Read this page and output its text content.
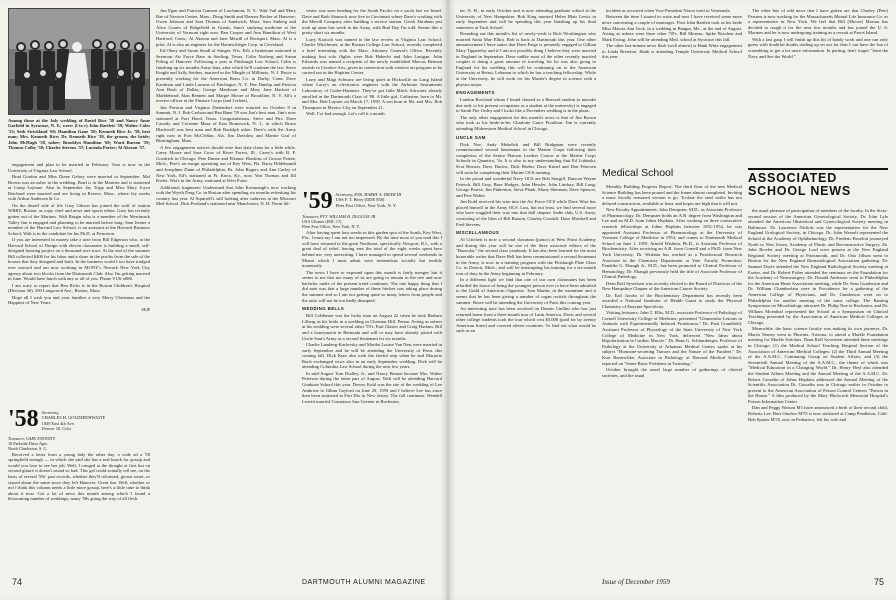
Among those at the July wedding of David Rice '58 and Nancy Anne Garfield in Syracuse, N. Y., were: (l to r) John Bartlett '59; Walter Coles '55; Seth Strickland '60; Hamilton Gane '50; Kenneth Rice Jr. '58, best man; Mrs. Kenneth Rice; Dr. Kenneth Rice '39, the groom; the bride; John McHugh '58, usher; Brooklyn Hamilton '60; Ward Burton '59; Thomas Colby '58; Charles Stevens '57; Lucinda Porter; Al Akeson '57.

engagement and plan to be married in February. Tom is now in the University of Virginia Law School.

Brad Gordon and Miss Diane Gelsey were married in September. Mal Brown was an usher in the wedding. Brad is in the Marines and is stationed at Camp Lejeune. Also in September Jay Tripp and Miss Mary Joyce Reichard were married and are living in Revere, Mass., where Jay works with Arthur Andersen & Co.

On the distaff side of life Gary Gibson has joined the staff of station WBRY, Boston, as copy chief and news and sports editor. Gary has recently gotten out of the Marines. Walt Burgin who is a member of the Merrimack Valley Inn is engaged and planning to be married before long. Sam Jenner a member of the Harvard Law School, is an assistant at the Harvard Business School; Walt is in the candidate for his Ph.D. at Princeton.

If you are interested in money take a note from Bill Edgerton who, at the Harvard School of Design with eleven classmates is building a small, self-designed housing project on a thousand-acre tract. At the end of the summer Bill collected $400 for his labor and a share in the profits from the sale of the houses that they designed and built. In the business world I too have trudged ever onward and am now working in MONY's Newark New York City agency about two blocks from the Dartmouth Club. Also I'm getting married in June. Would have lunch with any or all of you. Phone YU6-o880.

I am sorry to report that Ben Ricks is in the Boston Children's Hospital (Division 36), 300 Longwood Ave., Boston, Mass.

Hope all I wish you and your families a very Merry Christmas and the Happiest of New Years.

SKIP

'58 Secretary,
CHARLES H. GOLDERTHWAITE
1849 East 4th Ave.
Denver 18, Colo.
Treasurer, GARY ENVENTY
10 Parkside Drive Apts.
North Charleston, S. C.

Received a letter from a young lady the other day, a wide ad a '58 springfield enough — in which she said she has a real knack for gossip and would you love to see her job. Well, I cringed at the thought at first but on second glance it doesn't sound so bad. This gal could actually tell me, on the basis of several '58s' past records, whether they'll reformed, grown wiser, or stayed about the same since they left Hanover. Great fun. Well, whether or not I think this column needs a little more gossip, here's a little time to think about it now. Got a lot of news this month among which I found a blossoming number of weddings; many '58s going the way of all flesh.

Jim Egan and Patricia Gannon of Larchmont, N. Y.; Walt Vail and Mary Rae of Newton Center, Mass.; Doug Smith and Eleanor Becker of Hanover; Owen Johnson and Sara Thomas of Sandwich, Mass. Sam Sinberg and Alice Coates of Ridgefield in Giants, Sam's studying medicine at the University of Vermont right now. Ben Cooper and Ann Hamilton of West Hartford, Conn.; Al Akeson and Jane Merrill of Rockport, Mass. Al is a pilot; Al is also an engineer for the Harnischfeger Corp. in Cleveland.

Ed Olney and Susan Small of Stinger, Wis. Ed's a lieutenant stationed at Seymour Air Force Base in Sterling, Texas. Colin Norberg and Susan Poling of Hanover. Following a year at Pittsburgh Law School, Colin is finishing up six months Army duty, after which he'll continue the law. Steve Knight and Sally Seiders, married in the Mingle of Millinois, N. J. Bruce is presently working for the American Brass Co. in Darby, Conn. Dave Kaufman and Linda Lazarus of Patchogue, N. Y. Dee Dunlop and Patricia Ann Bush of Dallas; George Mardsson and Mary Jane Hackett of Marblehead; Alan Bennett and Margie Moore of Brookline, N. Y. All's a receive officer in the Finance Corps (and I relent).

Jim Preston and Virginia Dietendorf were married on October 9 in Summit, N. J. Bob Carlson and Bea Bane '59 was Jim's best man. Jim's now stationed at Fort Hood, Texas. Congratulations. Steve and Ptrs. Dave Cassidy and Corrinne Masa of East Brunswick, N. J., in which Bruce Blackwell was best man and Bob Rudolph usher. Dave's with the Army right now in Fort McClellan, Ala. Jim Davidow and Marnie Graf of Birmingham, Mass.

A few engagement notices should wise that slate clean for a little while. Carey Moore and Sara Crow of River Forest, Ill., Carey's with B. F. Goodrich in Chicago. Pete Dunne and Eleanor Hawkins of Grosse Pointe, Mich., Pete's an ensign operating out of Key West, Fla. Barry Hildebrandt and Josephine Dunn of Philadelphia, Pa. John Rogers and Ann Carley of New York, Ed's stationed at Ft. Knox, Ky., now. Wat Thomas and Jill Kiefer. Wat's in the Army, stationed at West Point.

Additional fragments: Understand that John Kavanaugh's now working with the Wyeth Drug Co. in Boston after spending six months refreshing his country last year. Al Squirrell's still looking after cadavers at the Missouri Med School. Dick Portland's stationed near Manchester, N. H. Norm Sil-

vester was seen heading for the South Pacific on a yacht last we heard. Dave and Barb Sharrock now live in Cincinnati where Dave's working with the Merrill Company after building a service station. Gersh Abraham just took up arms last week in the Army, with Bud Day I'm told. Seems like a pretty short six months.

Larry Kratoch was named to the law review at Virginia Law School. Charlie Winchester, at the Boston College Law School, recently completed a brief internship with the Mass. Attorney General's Office. Recently making first solo flights were Bob Habecht and John Lanigan. John Edwards was named a recipient of the newly established Marcus Heiman awards in Creative Arts, given in connection with creative art program to be carried out in the Hopkins Center.

Larry and Magi Schwarz are living quiet at Hicksville on Long Island where Larry's an electronics engineer with the Airborne Instruments Laboratory of Cutler-Hammer. They've got little Mitch Schwartz already enrolled in the Dartmouth Class of '80. A little girl, Catherine, born to Mr. and Mrs. Bob Luyster on March 17, 1959. A son born to Mr. and Mrs. Bob Thompson in Mexico City on September 21.

Well, I've had enough. Let's call it a month.

'59 Secretary, ENS. HARRY A. DRAW III
USS F. T. Berry (DDE 858)
Fleet Post Office, New York, N. Y.
Treasurer, PVT. WILLIAM H. DUGGAN JR.
USA Ultimes (IMC 17)
Fleet Post Office, New York, N. Y.

After having spent four weeks in this garden spot of the South, Key West, Fla., I must say I am not too impressed. By the time most of you read this I will have returned to the great Northeast, specifically Newport, R.I., with a great deal of relief, having sent the total of the eight weeks spent here behind me, very unexciting. I have managed to spend several weekends in Miami which I must admit were tremendous socially but terrible monetarily.

The news I have to expound upon this month is fairly meager, but it seems to me that not many of us are going to remain in the tree and now bachelor ranks of the present trend continues. The one happy thing that I did note was that a large number of these hitches was taking place during the summer and so I am not getting quite so many letters from people and the ratio will not be too badly disrupted.

WEDDING BELLS

Bill Coldbeare was the lucky man on August 22 when he took Barbara Lilberg as his bride in a wedding in Chestnut Hill, Penna. Acting as ushers at his wedding were several other '59's: Earl Glasier and Craig Haslam. Bill and a honeymoon in Bermuda and will or may have already joined with Uncle Sam's Army as a second lieutenant for six months.

Charlie Lamberg-Karlovsky and Martha Louise Van Nest were married in early September and he will be attending the University of Penn. this coming fall. Dick Kent also took the fateful step when he and Marjorie Ruch exchanged vows also in an early September wedding. Dick will be attending Columbia Law School during the next few years.

In mid-August Tom Dudley, Jr., and Nancy Bruton became Mrs. Walter Peterson during the latter part of August. Walt will be attending Harvard Graduate School this year. Dewey Kohl was the site of the wedding of Lee Ambrose to Jillian Gaylord on June 20, 1959 and I believe Lee has since then been stationed at Fort Dix in New Jersey. The fall continues. Wendell Leavitt married Constance Ann Grenier in Rochester,

74	DARTMOUTH ALUMNI MAGAZINE

ter, N. H., in early October and is now attending graduate school at the University of New Hampshire. Rob King married Helen Blair Lewis in early September and will be spending this year finishing up his final semesters at Tuck School.

Rounding out this month's list of newly-weds is Rich Worthington who married Anita Mae Elliot. Rob is back at Dartmouth this year. One other announcement I have states that Dave Paige is presently engaged to Gillian Mary Tipperelsy and if I am not possibly thing I believe they were married in England in September. Dave unlike most of the other recently married couples is doing a great amount of traveling for he was also going to England for his wedding this will be continuing on to the American University at Beirut, Lebanon to which he has a teaching fellowship. While at the University, he will work for his Master's degree in science with a physics major.

ENGAGEMENTS

Landon Rowland whom I found classed as a Harvard student (a mistake due only to his present occupation as a student at the university) is engaged to Sarah Fite Ortley and I looks like a December wedding is in the plans.

The only other engagement for this month's news is that of Jim Brown who took as his bride-to-be, Charlotte Grace Proulbon. Jim is currently attending Midwestern Medical School in Chicago.

UNCLE SAM

Dick Noe, Andy Mehelick and Bill Bridgman were recently commissioned second lieutenants in the Marine Corps following their completion of the Senior Platoon Leaders Course at the Marine Corps Schools in Quantico, Va. It is also to my understanding that Ed Lubinski, Scot Bosson, Dave Duclos, Dick Hoehn, Dave Kimel and Don Petersen will soon be completing their Marine OCS training.

In the proud and wonderful Navy OCS are Bob Sturgill, Duncan Wayne Fetesch, Bill Gray, Brue Hodges, John Hessler, John Lindsay, Bill Long, George Pearse, Jim Pinkerton, Steve Plank, Marty Sherman, Dave Spencer, and Pete Walter.

Jim Kohl received his wire into the Air Force OCS while Dave Wise has placed himself in the Army OCS. Last, but not least, we find several more who have waggled their way into that dull chapter: Sadie club, U.S. Army, consisting of the likes of Bill Basson, Charley Goodall, Dave Marshall and Fred Stevens.

MISCELLANEOUS

Al Critchett is now a second classman (junior) at West Point Academy and during this year will be one of the three associate editors of the "Bazooka," the second class yearbook. It has also been learned for the most honorable writer that Dave Bell has been commissioned a second lieutenant in the Army, is now in a training program with the Pittsburgh Plate Glass Co. in Detroit, Mich., and will be interrupting his training for a six-month tour of duty in the Army beginning in February.

In a different light we find that one of our own classmates has been afforded the honor of being the youngest person ever to have been admitted to the Guild of American Organists. Tom Martin, in the meantime and it seems that he has been giving a number of organ recitals throughout the summer. Bruce will be attending the University of Paris this coming year.

An interesting note has been received on Dennis Ciullini who has just returned home from a three-month tour of Latin America, Davis and several other college students took the tour which cost $3,000 (paid for by twenty American firms) and covered eleven countries. To find out what would be such as an

incident as occurred when Vice-President Nixon went to Venezuela.

Between the time I started to write and now I have received some more news concerning a couple of marriages. First John Bartlett took as his bride Miss Marcia Ann Tuck, in a wedding in Bangor, Me., at the end of August. Acting as ushers were three other '59's, Bill Moreau, Spike Boschen and Mark Ewing. John will be attending Med. school at Syracuse this fall.

The other last-minute news flash (well almost) is Hank Witte engagement to Linda Brereton. Hank is attending Temple University Medical School this year.

Medical School

Monthly Building Progress Report: The third floor of the new Medical Science Building has been poured and the frame almost completed. Inviting a more fiscally reasoned version is go. To-date the steel strike has not delayed construction, available at least, and hopes are high that it will not.

New Faculty Appointments: John Dempster, M.D., as Associate Professor of Pharmacology. Dr. Dempster holds an A.B. degree from Washington and Lee and an M.D. from Johns Hopkins. After working on three consecutive research fellowships at Johns Hopkins between 1951-1954, he was appointed Assistant Professor of Pharmacology at the University of Vermont College of Medicine in 1954, and comes to Dartmouth Medical School on June 1, 1959. Arnold Wishnia, Ph.D., is Assistant Professor of Biochemistry. After receiving an A.B. from Cornell and a Ph.D. from New York University, Dr. Wishnia has worked as a Postdoctoral Research Associate in the Chemistry Department at Yale. Faculty Promotion: Franklin G. Ebaugh Jr., M.D., has been promoted to Clinical Professor of Hematology. Dr. Ebaugh previously held the title of Associate Professor of Clinical Pathology.

Dean Rolf Syvertsen was recently elected to the Board of Directors of the New Hampshire Chapter of the American Cancer Society.

Dr. Earl Jacobs of the Biochemistry Department has recently been awarded a National Institutes of Health Grant to study the Physical Chemistry of Enzyme Specificity.

Visiting lecturers: John T. Ellis, M.D., associate Professor of Pathology of Cornell University College of Medicine, presented "Glomerular Lesions in Animals with Experimentally Induced Proteinuria." Dr. Paul Crandfield, Assistant Professor of Physiology of the State University of New York College of Medicine in New York, delivered "New Ideas about Repolarization in Cardiac Muscle." Dr. Hans G. Schlumberger, Professor of Pathology at the University of Arkansas Medical Center, spoke at his subject "Hormone-secreting Tumors and the Nature of the Paraleet." Dr. Kurt Benirschke, Associate in Pathology at Harvard Medical School, reported on "Some Basic Problems in Twinning."

October brought the usual large number of gatherings of clinical societies, and the usual

The other bits of odd news that I have gotten are that Charley (Pete) Parsons is now working for the Massachusetts Mutual Life Insurance Co. as a representative in New York. We feel that Bill (Moose) Morton has decided to rough it for the next few months and has joined the U. S. Marines and he is now undergoing training as a recruit at Parris Island.

With a last gasp I will finish up this bit of handy work and one can only guess with doubtful doubts trailing up on our for thus I can have the fun of scrambling to get a lot more information. In parting, don't forget "Joint the Navy and See the World."

ASSOCIATED SCHOOL NEWS

the usual pleasure of participation of members of the faculty. In the Sixty-second session of the American Gynecological Society, Dr. John Lyle attended the American Obstetrical and Gynecological Society meeting in Baltimore. Dr. Lawrence Nichols was the representative for the New England Urological Society, in Chicago. Dr. John Wesselt represented the School at the Academy of Ophthalmology. Dr. Frederic Roselott journeyed North to New Jersey, Academy of Plastic and Reconstructive Surgery. Dr. John Bowler and Dr. George Lord were present at the New England Regional Society meeting at Portsmouth, and Dr. Otto Jillson went to Boston for the New England Dermatological Association gathering. Dr. Samuel Doyle attended the New England Radiological Society meeting at Exeter, and Dr. Robert Fisher attended the seminars on the Foundation for the Academy of Neurosurgery. Dr. Donald Anderson went to Philadelphia for the American Heart Association meeting, while Dr. Sens Gunderson and Dr. William Chamberlain were in Providence for a gathering of the American College of Physicians, and Dr. Gunderson went on to Philadelphia for another meeting of the same college. The Banting Symposium on Microbiology attracted Dr. Philip Noe to Rochester, and Dr. William Moenthal represented the School at a Symposium on Clinical Teaching presented by the Association of American Medical Colleges at Chicago.

Meanwhile, the basic science faculty was making its own journeys. Dr. Marsh Tenney went to Phoenix, Arizona, to attend a Markle Foundation meeting for Markle Scholars. Dean Rolf Syvertsen attended these meetings in Chicago: (1) the Medical School Teaching Hospital Section of the Association of American Medical Colleges; (2) the Third Annual Meeting of the A.A.M.C. Continuing Group on Student Affairs, and (3) the Seventieth Annual Meeting of the A.A.M.C., the theme of which was "Medical Education in a Changing World." Dr. Henry Heyl also attended the Student Affairs Meeting and the Annual Meeting of the A.A.M.C. Dr. Robert Gosselin of Johns Hopkins addressed the Annual Meeting of the Scientific Association Dr. Gosselin was in Chicago earlier in October to present to the American Association of Poison Control Centers "Poison in the House." A film produced by the Mary Hitchcock Memorial Hospital's Poison Information Center.

Dan and Peggy Watson M'r have announced a birth of their second child, Roberta Lee. Burt Onofrio M'55 is now stationed at Camp Pendleton, Calif. Bob Sprans M'55, now in Pediatrics, left his wife and

Issue of December 1959	75
